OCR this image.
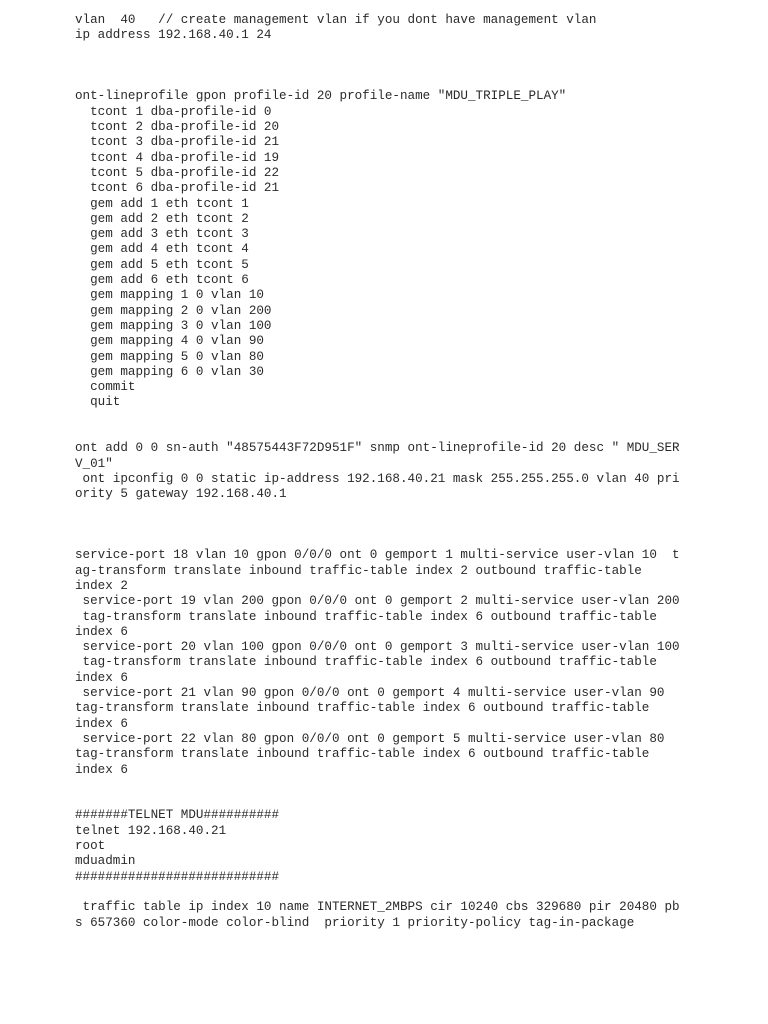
vlan  40   // create management vlan if you dont have management vlan
ip address 192.168.40.1 24
ont-lineprofile gpon profile-id 20 profile-name "MDU_TRIPLE_PLAY"
tcont 1 dba-profile-id 0
tcont 2 dba-profile-id 20
tcont 3 dba-profile-id 21
tcont 4 dba-profile-id 19
tcont 5 dba-profile-id 22
tcont 6 dba-profile-id 21
gem add 1 eth tcont 1
gem add 2 eth tcont 2
gem add 3 eth tcont 3
gem add 4 eth tcont 4
gem add 5 eth tcont 5
gem add 6 eth tcont 6
gem mapping 1 0 vlan 10
gem mapping 2 0 vlan 200
gem mapping 3 0 vlan 100
gem mapping 4 0 vlan 90
gem mapping 5 0 vlan 80
gem mapping 6 0 vlan 30
commit
quit
ont add 0 0 sn-auth "48575443F72D951F" snmp ont-lineprofile-id 20 desc " MDU_SER
V_01"
ont ipconfig 0 0 static ip-address 192.168.40.21 mask 255.255.255.0 vlan 40 pri
ority 5 gateway 192.168.40.1
service-port 18 vlan 10 gpon 0/0/0 ont 0 gemport 1 multi-service user-vlan 10  t
ag-transform translate inbound traffic-table index 2 outbound traffic-table
index 2
service-port 19 vlan 200 gpon 0/0/0 ont 0 gemport 2 multi-service user-vlan 200
tag-transform translate inbound traffic-table index 6 outbound traffic-table
index 6
service-port 20 vlan 100 gpon 0/0/0 ont 0 gemport 3 multi-service user-vlan 100
tag-transform translate inbound traffic-table index 6 outbound traffic-table
index 6
service-port 21 vlan 90 gpon 0/0/0 ont 0 gemport 4 multi-service user-vlan 90
tag-transform translate inbound traffic-table index 6 outbound traffic-table
index 6
service-port 22 vlan 80 gpon 0/0/0 ont 0 gemport 5 multi-service user-vlan 80
tag-transform translate inbound traffic-table index 6 outbound traffic-table
index 6
#######TELNET MDU##########
telnet 192.168.40.21
root
mduadmin
###########################
traffic table ip index 10 name INTERNET_2MBPS cir 10240 cbs 329680 pir 20480 pb
s 657360 color-mode color-blind  priority 1 priority-policy tag-in-package
